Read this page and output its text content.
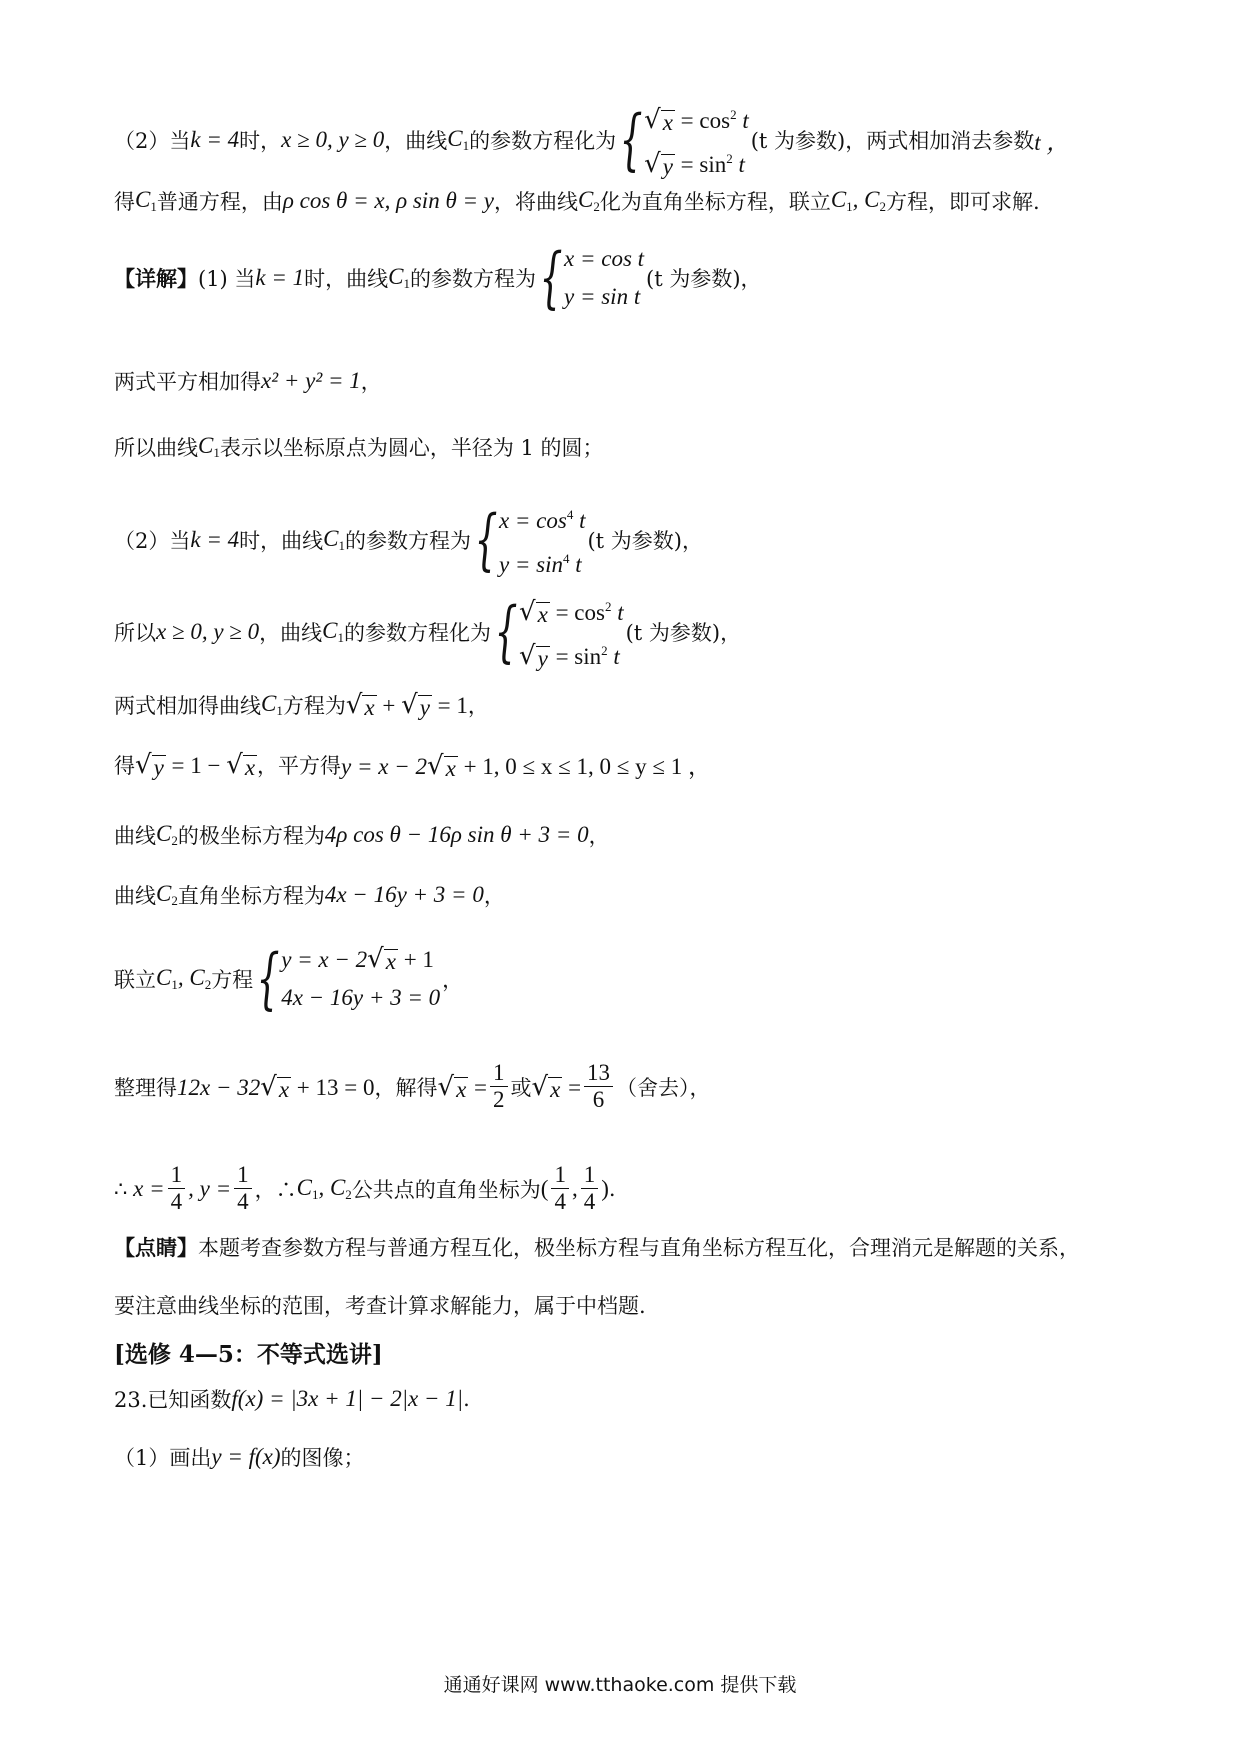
（2）当 k = 4 时， x ≥ 0, y ≥ 0 ，曲线 $C_1$ 的参数方程化为 { √ $x = \cos^2 t$
√ $y = \sin^2 t$
(t 为参数)，两式相加消去参数 t ，
得 $C_1$ 普通方程，由 ρ cos θ = x, ρ sin θ = y ，将曲线 $C_2$ 化为直角坐标方程，联立 $C_1$, $C_2$ 方程，即可求解.
【详解】 (1) 当 k = 1 时，曲线 $C_1$ 的参数方程为 { x = cos t
y = sin t
(t 为参数)，
两式平方相加得 x² + y² = 1 ，
所以曲线 $C_1$ 表示以坐标原点为圆心，半径为 1 的圆；
（2）当 k = 4 时，曲线 $C_1$ 的参数方程为 { $x = \cos^4 t$
$y = \sin^4 t$
(t 为参数)，
所以 x ≥ 0, y ≥ 0 ，曲线 $C_1$ 的参数方程化为 { √ $x = \cos^2 t$
√ $y = \sin^2 t$
(t 为参数)，
两式相加得曲线 $C_1$ 方程为 √ x + √ y = 1 ，
得 √ y = 1 − √ x ，平方得 y = x − 2 √ x + 1, 0 ≤ x ≤ 1, 0 ≤ y ≤ 1 ，
曲线 $C_2$ 的极坐标方程为 4ρ cos θ − 16ρ sin θ + 3 = 0 ，
曲线 $C_2$ 直角坐标方程为 4x − 16y + 3 = 0 ，
联立 $C_1$, $C_2$ 方程 { y = x − 2 √ x + 1
4x − 16y + 3 = 0
，
整理得 12x − 32 √ x + 13 = 0 ，解得 √ $x = \frac{1}{2}$ 或 √ $x = \frac{13}{6}$ （舍去），
∴ $x = \frac{1}{4}$ , $y = \frac{1}{4}$ ，∴ $C_1$, $C_2$ 公共点的直角坐标为 ( $\frac{1}{4}$ , $\frac{1}{4}$ ) .
【点睛】 本题考查参数方程与普通方程互化，极坐标方程与直角坐标方程互化，合理消元是解题的关系，
要注意曲线坐标的范围，考查计算求解能力，属于中档题.
[选修 4—5：不等式选讲]
23.已知函数 f(x) = |3x + 1| − 2|x − 1| .
（1）画出 y = f(x) 的图像；
通通好课网 www.tthaoke.com 提供下载
